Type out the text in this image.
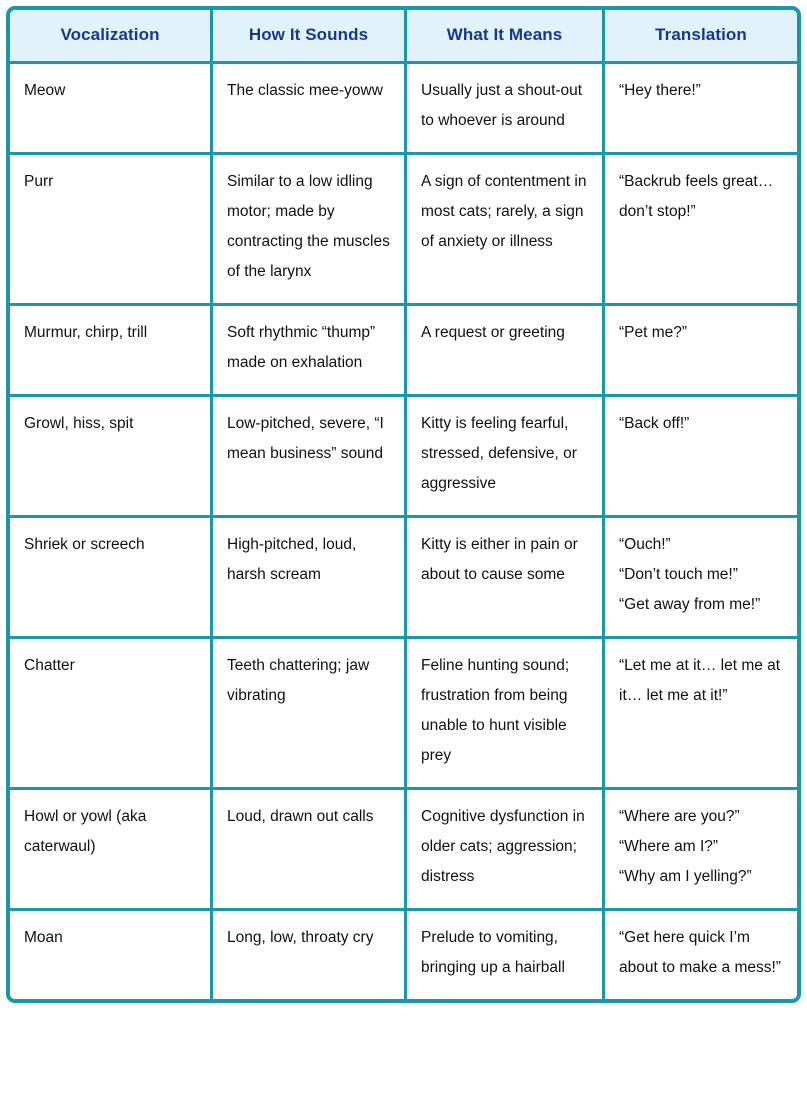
Vocalization	How It Sounds	What It Means	Translation
Meow	The classic mee-yoww	Usually just a shout-out to whoever is around	“Hey there!”

Purr	Similar to a low idling motor; made by contracting the muscles of the larynx	A sign of contentment in most cats; rarely, a sign of anxiety or illness	“Backrub feels great… don’t stop!”

Murmur, chirp, trill	Soft rhythmic “thump” made on exhalation	A request or greeting	“Pet me?”

Growl, hiss, spit	Low-pitched, severe, “I mean business” sound	Kitty is feeling fearful, stressed, defensive, or aggressive	“Back off!”

Shriek or screech	High-pitched, loud, harsh scream	Kitty is either in pain or about to cause some	“Ouch!”
“Don’t touch me!”
“Get away from me!”

Chatter	Teeth chattering; jaw vibrating	Feline hunting sound; frustration from being unable to hunt visible prey	“Let me at it… let me at it… let me at it!”

Howl or yowl (aka caterwaul)	Loud, drawn out calls	Cognitive dysfunction in older cats; aggression; distress	“Where are you?”
“Where am I?”
“Why am I yelling?”

Moan	Long, low, throaty cry	Prelude to vomiting, bringing up a hairball	“Get here quick I’m about to make a mess!”
